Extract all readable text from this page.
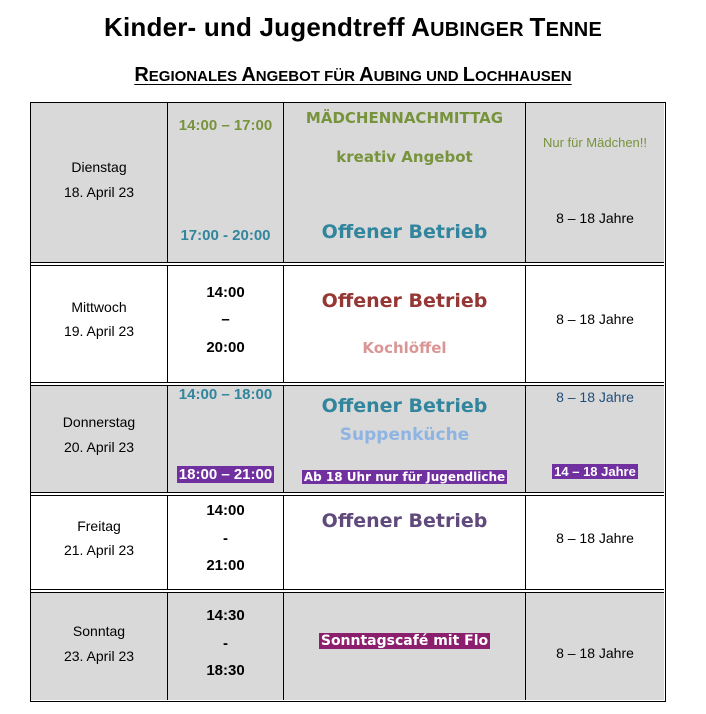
Kinder- und Jugendtreff AUBINGER TENNE
REGIONALES ANGEBOT FÜR AUBING UND LOCHHAUSEN
Dienstag
18. April 23
14:00 – 17:00
17:00 - 20:00
MÄDCHENNACHMITTAG
kreativ Angebot
Offener Betrieb
Nur für Mädchen!!
8 – 18 Jahre
Mittwoch
19. April 23
14:00
–
20:00
Offener Betrieb
Kochlöffel
8 – 18 Jahre
Donnerstag
20. April 23
14:00 – 18:00
18:00 – 21:00
Offener Betrieb
Suppenküche
Ab 18 Uhr nur für Jugendliche
8 – 18 Jahre
14 – 18 Jahre
Freitag
21. April 23
14:00
-
21:00
Offener Betrieb
8 – 18 Jahre
Sonntag
23. April 23
14:30
-
18:30
Sonntagscafé mit Flo
8 – 18 Jahre
